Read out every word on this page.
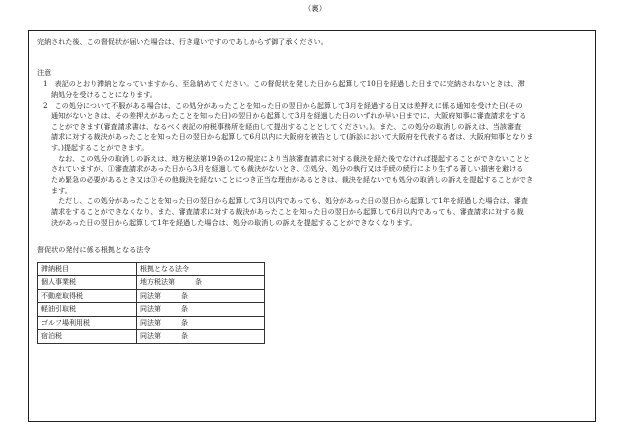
（裏）
完納された後、この督促状が届いた場合は、行き違いですのであしからず御了承ください。
注意
1　表記のとおり滞納となっていますから、至急納めてください。この督促状を発した日から起算して10日を経過した日までに完納されないときは、滞
納処分を受けることになります。
2　この処分について不服がある場合は、この処分があったことを知った日の翌日から起算して3月を経過する日又は差押えに係る通知を受けた日(その
通知がないときは、その差押えがあったことを知った日)の翌日から起算して3月を経過した日のいずれか早い日までに、大阪府知事に審査請求をする
ことができます(審査請求書は、なるべく表記の府税事務所を経由して提出することとしてください。)。また、この処分の取消しの訴えは、当該審査
請求に対する裁決があったことを知った日の翌日から起算して6月以内に大阪府を被告として(訴訟において大阪府を代表する者は、大阪府知事となりま
す。)提起することができます。
　なお、この処分の取消しの訴えは、地方税法第19条の12の規定により当該審査請求に対する裁決を経た後でなければ提起することができないことと
されていますが、①審査請求があった日から3月を経過しても裁決がないとき、②処分、処分の執行又は手続の続行により生ずる著しい損害を避ける
ため緊急の必要があるとき又は③その他裁決を経ないことにつき正当な理由があるときは、裁決を経ないでも処分の取消しの訴えを提起することができ
ます。
　ただし、この処分があったことを知った日の翌日から起算して3月以内であっても、処分があった日の翌日から起算して1年を経過した場合は、審査
請求をすることができなくなり、また、審査請求に対する裁決があったことを知った日の翌日から起算して6月以内であっても、審査請求に対する裁
決があった日の翌日から起算して1年を経過した場合は、処分の取消しの訴えを提起することができなくなります。
督促状の発付に係る根拠となる法令
滞納税目	根拠となる法令
個人事業税	地方税法第 条
不動産取得税	同法第 条
軽油引取税	同法第 条
ゴルフ場利用税	同法第 条
宿泊税	同法第 条
